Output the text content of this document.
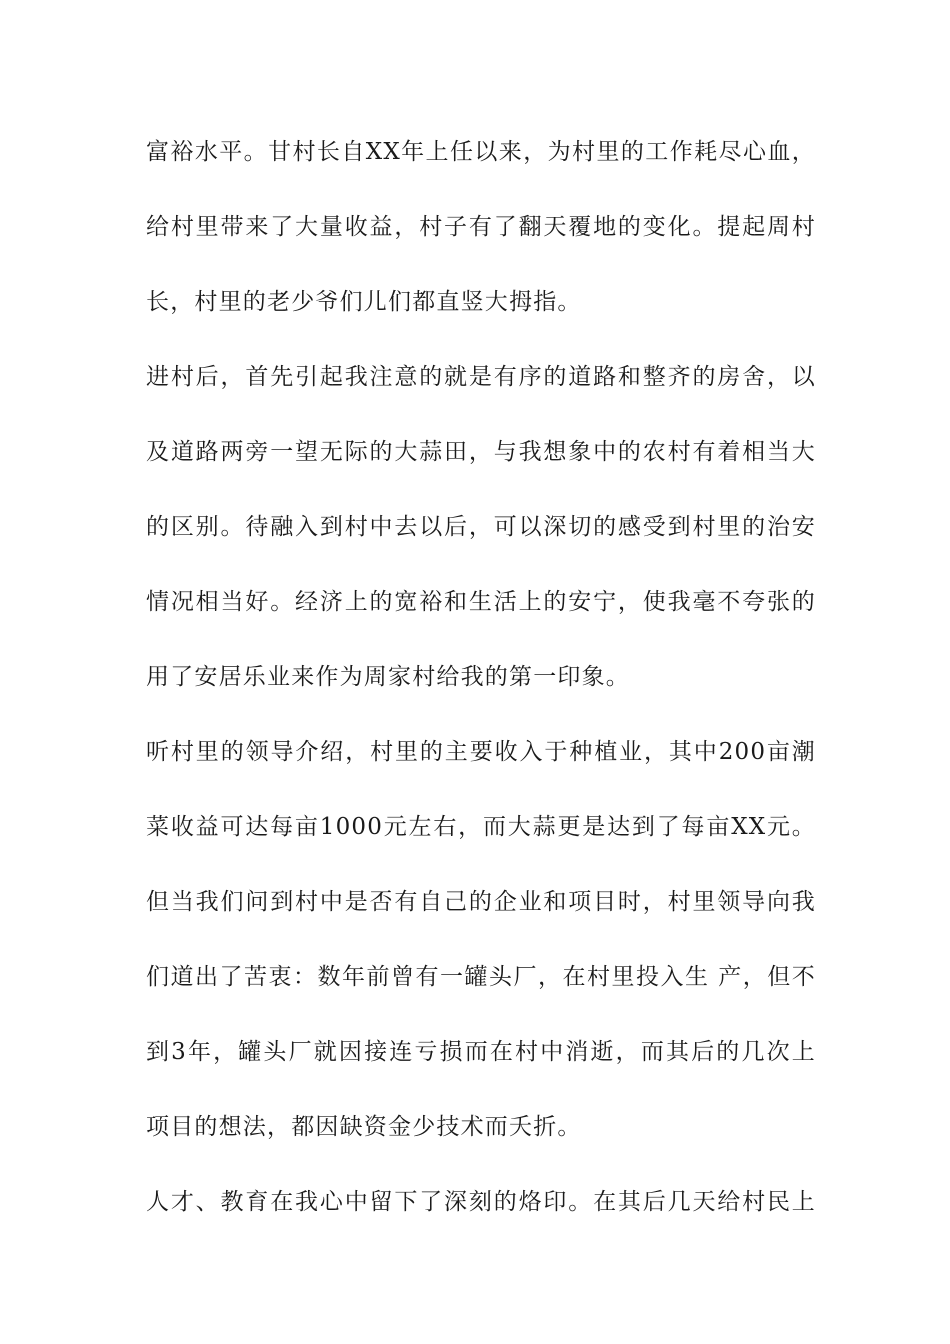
富裕水平。甘村长自XX年上任以来，为村里的工作耗尽心血，
给村里带来了大量收益，村子有了翻天覆地的变化。提起周村
长，村里的老少爷们儿们都直竖大拇指。
进村后，首先引起我注意的就是有序的道路和整齐的房舍，以
及道路两旁一望无际的大蒜田，与我想象中的农村有着相当大
的区别。待融入到村中去以后，可以深切的感受到村里的治安
情况相当好。经济上的宽裕和生活上的安宁，使我毫不夸张的
用了安居乐业来作为周家村给我的第一印象。
听村里的领导介绍，村里的主要收入于种植业，其中200亩潮
菜收益可达每亩1000元左右，而大蒜更是达到了每亩XX元。
但当我们问到村中是否有自己的企业和项目时，村里领导向我
们道出了苦衷：数年前曾有一罐头厂，在村里投入生 产，但不
到3年，罐头厂就因接连亏损而在村中消逝，而其后的几次上
项目的想法，都因缺资金少技术而夭折。
人才、教育在我心中留下了深刻的烙印。在其后几天给村民上
